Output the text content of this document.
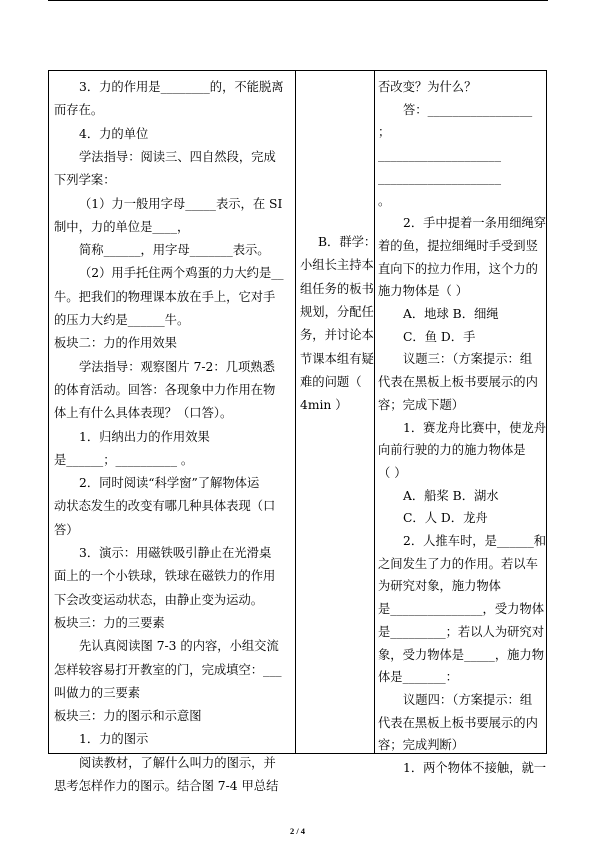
3．力的作用是________的，不能脱离
而存在。
4．力的单位
学法指导：阅读三、四自然段，完成
下列学案：
（1）力一般用字母_____表示，在 SI
制中，力的单位是____，
简称______，用字母_______表示。
（2）用手托住两个鸡蛋的力大约是__
牛。把我们的物理课本放在手上，它对手
的压力大约是______牛。
板块二：力的作用效果
学法指导：观察图片 7-2：几项熟悉
的体育活动。回答：各现象中力作用在物
体上有什么具体表现？（口答）。
1．归纳出力的作用效果
是______；__________ 。
2．同时阅读“科学窗”了解物体运
动状态发生的改变有哪几种具体表现（口
答）
3．演示：用磁铁吸引静止在光滑桌
面上的一个小铁球，铁球在磁铁力的作用
下会改变运动状态，由静止变为运动。
板块三：力的三要素
先认真阅读图 7-3 的内容，小组交流
怎样较容易打开教室的门，完成填空：___
叫做力的三要素
板块三：力的图示和示意图
1．力的图示
阅读教材，了解什么叫力的图示，并
思考怎样作力的图示。结合图 7-4 甲总结
B．群学：
小组长主持本
组任务的板书
规划，分配任
务，并讨论本
节课本组有疑
难的问题（
4min ）
否改变？为什么？
答：_________________
；
____________________
____________________
。
2．手中提着一条用细绳穿
着的鱼，提拉细绳时手受到竖
直向下的拉力作用，这个力的
施力物体是（ ）
A．地球 B．细绳
C．鱼 D．手
议题三：（方案提示：组
代表在黑板上板书要展示的内
容；完成下题）
1．赛龙舟比赛中，使龙舟
向前行驶的力的施力物体是
（ ）
A．船桨 B．湖水
C．人 D．龙舟
2．人推车时，是______和
之间发生了力的作用。若以车
为研究对象，施力物体
是_______________，受力物体
是_________；若以人为研究对
象，受力物体是_____，施力物
体是_______：
议题四：（方案提示：组
代表在黑板上板书要展示的内
容；完成判断）
1．两个物体不接触，就一
2 / 4
